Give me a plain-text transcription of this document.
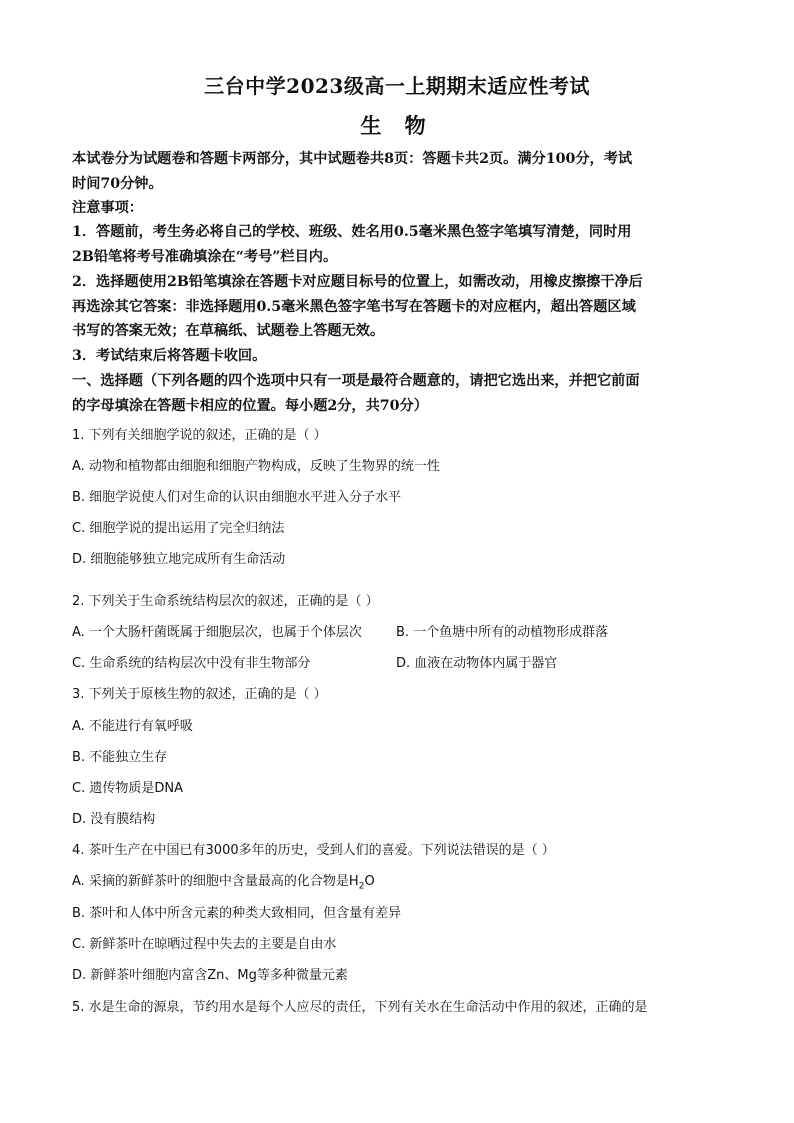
三台中学2023级高一上期期末适应性考试
生 物
本试卷分为试题卷和答题卡两部分，其中试题卷共8页：答题卡共2页。满分100分，考试
时间70分钟。
注意事项：
1．答题前，考生务必将自己的学校、班级、姓名用0.5毫米黑色签字笔填写清楚，同时用
2B铅笔将考号准确填涂在“考号”栏目内。
2．选择题使用2B铅笔填涂在答题卡对应题目标号的位置上，如需改动，用橡皮擦擦干净后
再选涂其它答案：非选择题用0.5毫米黑色签字笔书写在答题卡的对应框内，超出答题区域
书写的答案无效；在草稿纸、试题卷上答题无效。
3．考试结束后将答题卡收回。
一、选择题（下列各题的四个选项中只有一项是最符合题意的，请把它选出来，并把它前面
的字母填涂在答题卡相应的位置。每小题2分，共70分）
1. 下列有关细胞学说的叙述，正确的是（ ）
A. 动物和植物都由细胞和细胞产物构成，反映了生物界的统一性
B. 细胞学说使人们对生命的认识由细胞水平进入分子水平
C. 细胞学说的提出运用了完全归纳法
D. 细胞能够独立地完成所有生命活动
2. 下列关于生命系统结构层次的叙述，正确的是（ ）
A. 一个大肠杆菌既属于细胞层次，也属于个体层次	B. 一个鱼塘中所有的动植物形成群落
C. 生命系统的结构层次中没有非生物部分	D. 血液在动物体内属于器官
3. 下列关于原核生物的叙述，正确的是（ ）
A. 不能进行有氧呼吸
B. 不能独立生存
C. 遗传物质是DNA
D. 没有膜结构
4. 茶叶生产在中国已有3000多年的历史，受到人们的喜爱。下列说法错误的是（ ）
A. 采摘的新鲜茶叶的细胞中含量最高的化合物是$H_2O$
B. 茶叶和人体中所含元素的种类大致相同，但含量有差异
C. 新鲜茶叶在晾晒过程中失去的主要是自由水
D. 新鲜茶叶细胞内富含Zn、Mg等多种微量元素
5. 水是生命的源泉，节约用水是每个人应尽的责任，下列有关水在生命活动中作用的叙述，正确的是
